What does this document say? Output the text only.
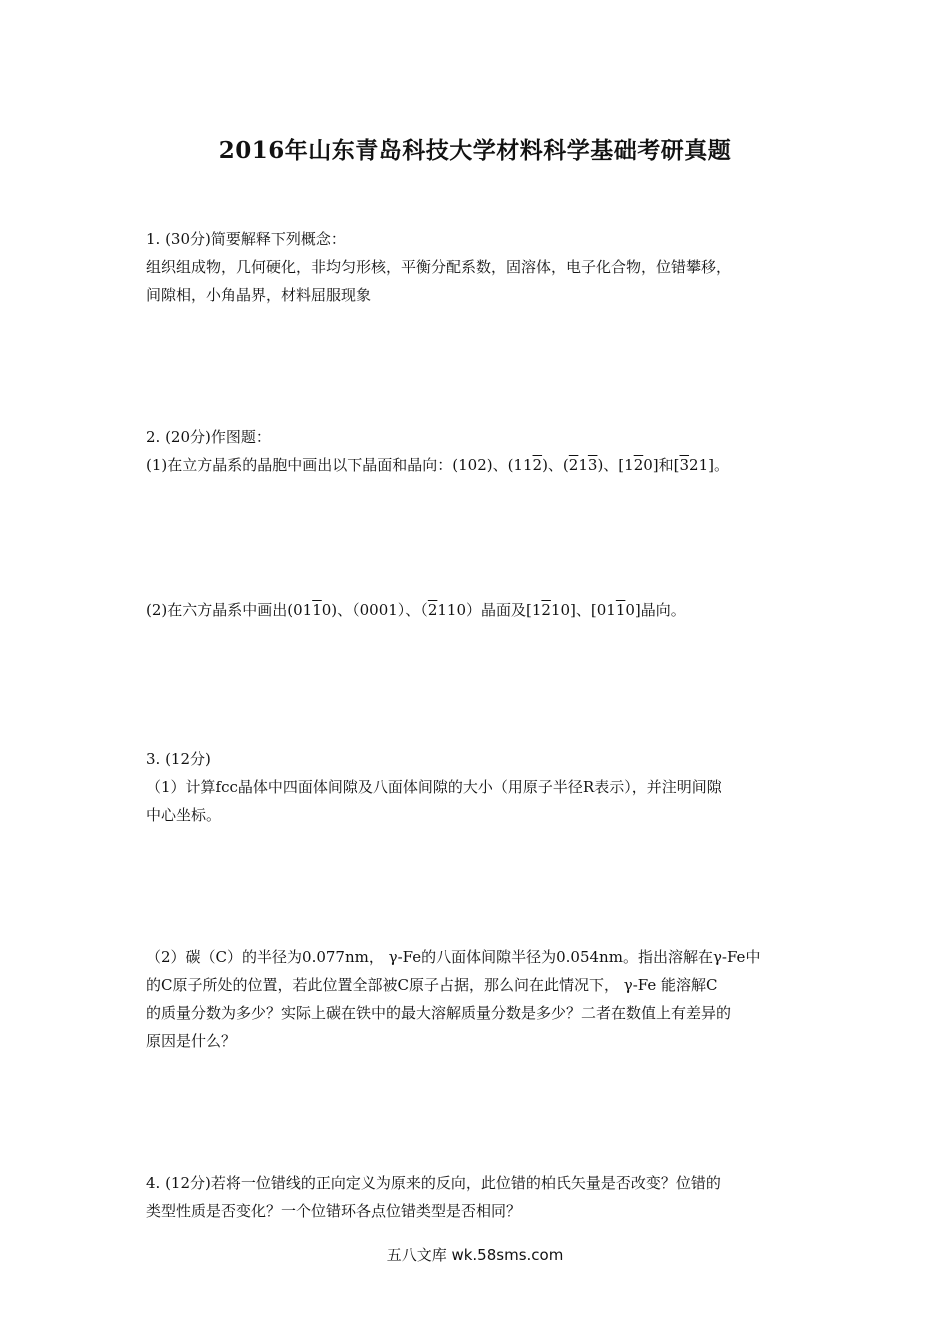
2016年山东青岛科技大学材料科学基础考研真题
1. (30分)简要解释下列概念：
组织组成物，几何硬化，非均匀形核，平衡分配系数，固溶体，电子化合物，位错攀移，
间隙相，小角晶界，材料屈服现象
2. (20分)作图题：
(1)在立方晶系的晶胞中画出以下晶面和晶向：(102)、(112)、(213)、[120]和[321]。
(2)在六方晶系中画出(0110)、（0001）、（2110）晶面及[1210]、[0110]晶向。
3. (12分)
（1）计算fcc晶体中四面体间隙及八面体间隙的大小（用原子半径R表示），并注明间隙
中心坐标。
（2）碳（C）的半径为0.077nm， γ-Fe的八面体间隙半径为0.054nm。指出溶解在γ-Fe中
的C原子所处的位置，若此位置全部被C原子占据，那么问在此情况下， γ-Fe 能溶解C
的质量分数为多少？实际上碳在铁中的最大溶解质量分数是多少？二者在数值上有差异的
原因是什么？
4. (12分)若将一位错线的正向定义为原来的反向，此位错的柏氏矢量是否改变？位错的
类型性质是否变化？一个位错环各点位错类型是否相同？
五八文库 wk.58sms.com
